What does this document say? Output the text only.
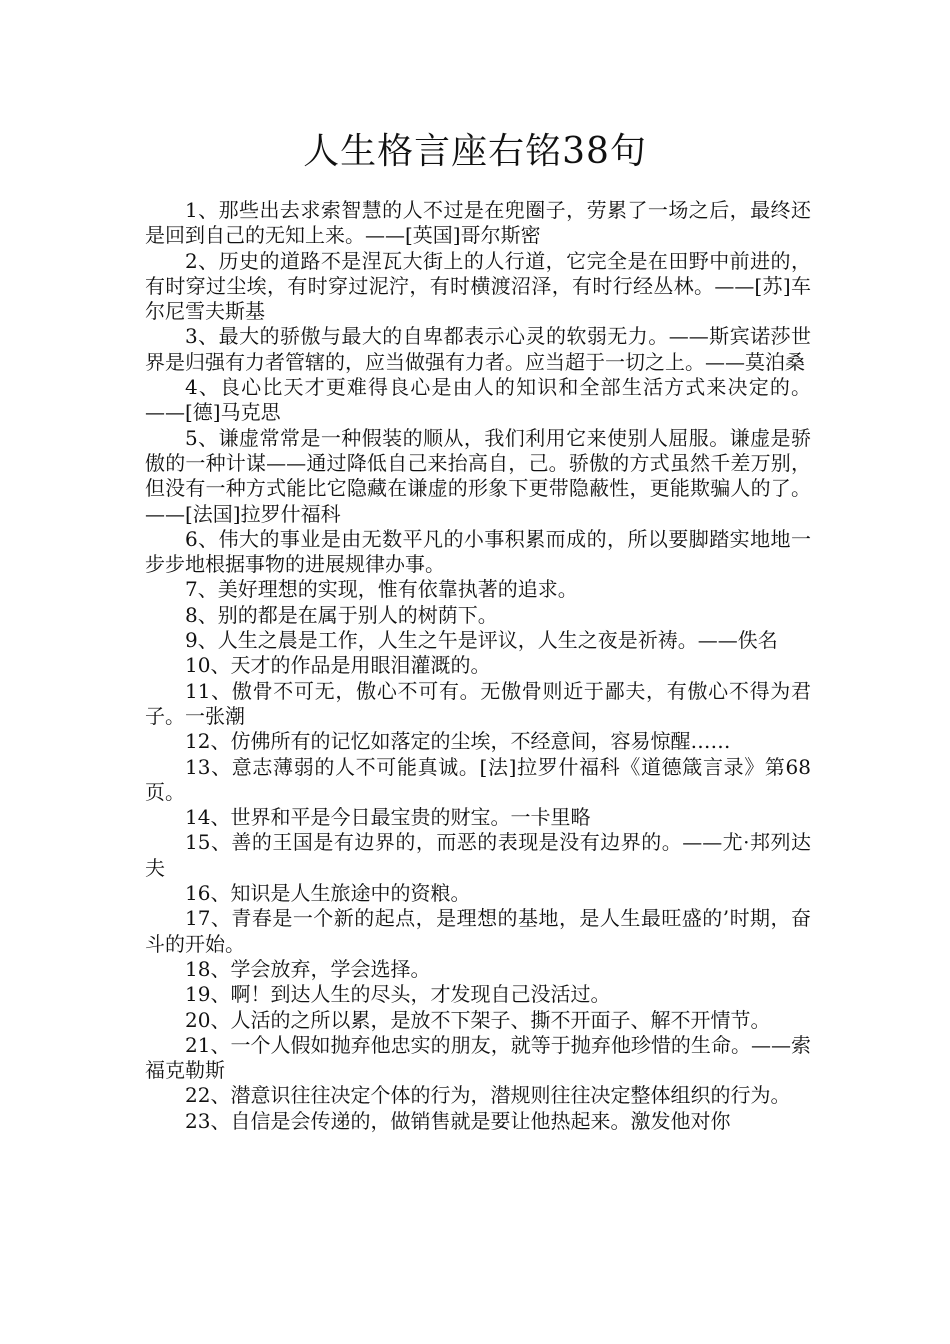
人生格言座右铭38句

1、那些出去求索智慧的人不过是在兜圈子，劳累了一场之后，最终还是回到自己的无知上来。——[英国]哥尔斯密

2、历史的道路不是涅瓦大街上的人行道，它完全是在田野中前进的，有时穿过尘埃，有时穿过泥泞，有时横渡沼泽，有时行经丛林。——[苏]车尔尼雪夫斯基

3、最大的骄傲与最大的自卑都表示心灵的软弱无力。——斯宾诺莎世界是归强有力者管辖的，应当做强有力者。应当超于一切之上。——莫泊桑

4、良心比天才更难得良心是由人的知识和全部生活方式来决定的。——[德]马克思

5、谦虚常常是一种假装的顺从，我们利用它来使别人屈服。谦虚是骄傲的一种计谋——通过降低自己来抬高自，己。骄傲的方式虽然千差万别，但没有一种方式能比它隐藏在谦虚的形象下更带隐蔽性，更能欺骗人的了。——[法国]拉罗什福科

6、伟大的事业是由无数平凡的小事积累而成的，所以要脚踏实地地一步步地根据事物的进展规律办事。

7、美好理想的实现，惟有依靠执著的追求。

8、别的都是在属于别人的树荫下。

9、人生之晨是工作，人生之午是评议，人生之夜是祈祷。——佚名

10、天才的作品是用眼泪灌溉的。

11、傲骨不可无，傲心不可有。无傲骨则近于鄙夫，有傲心不得为君子。一张潮

12、仿佛所有的记忆如落定的尘埃，不经意间，容易惊醒……

13、意志薄弱的人不可能真诚。[法]拉罗什福科《道德箴言录》第68页。

14、世界和平是今日最宝贵的财宝。一卡里略

15、善的王国是有边界的，而恶的表现是没有边界的。——尤·邦列达夫

16、知识是人生旅途中的资粮。

17、青春是一个新的起点，是理想的基地，是人生最旺盛的’时期，奋斗的开始。

18、学会放弃，学会选择。

19、啊！到达人生的尽头，才发现自己没活过。

20、人活的之所以累，是放不下架子、撕不开面子、解不开情节。

21、一个人假如抛弃他忠实的朋友，就等于抛弃他珍惜的生命。——索福克勒斯

22、潜意识往往决定个体的行为，潜规则往往决定整体组织的行为。

23、自信是会传递的，做销售就是要让他热起来。激发他对你
